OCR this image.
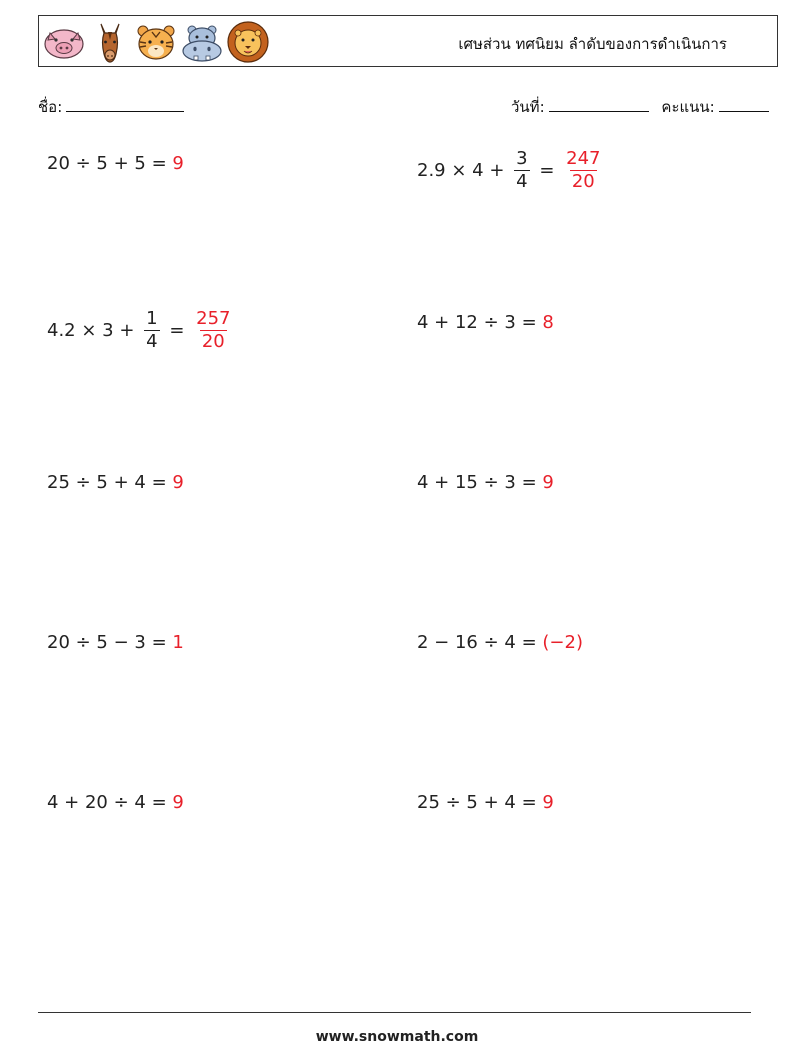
เศษส่วน ทศนิยม ลำดับของการดำเนินการ
ชื่อ:	วันที่:	คะแนน:
20 ÷ 5 + 5 = 9	$2.9 \times 4 + \frac{3}{4} = \frac{247}{20}$
$4.2 \times 3 + \frac{1}{4} = \frac{257}{20}$	4 + 12 ÷ 3 = 8
25 ÷ 5 + 4 = 9	4 + 15 ÷ 3 = 9
20 ÷ 5 − 3 = 1	2 − 16 ÷ 4 = (−2)
4 + 20 ÷ 4 = 9	25 ÷ 5 + 4 = 9
www.snowmath.com
